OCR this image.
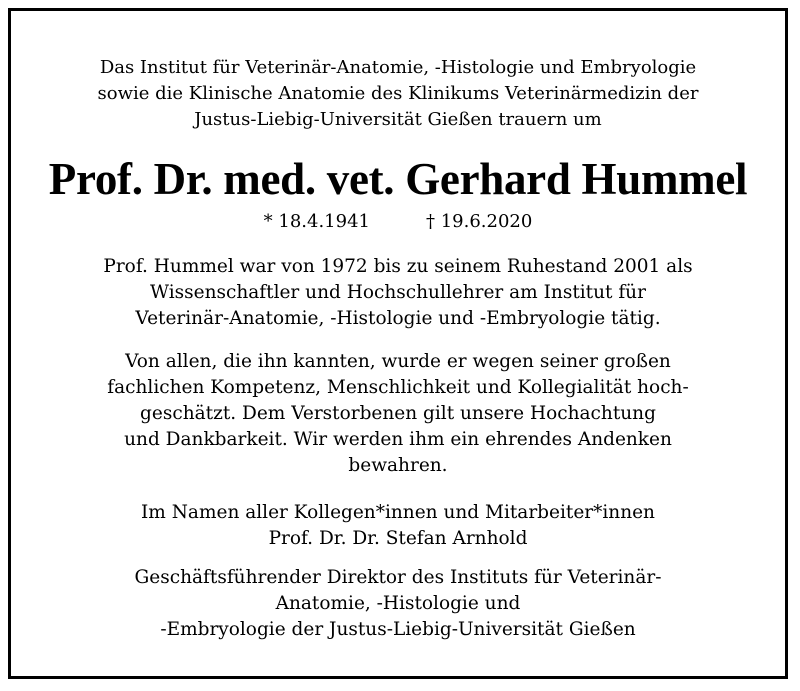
Das Institut für Veterinär-Anatomie, -Histologie und Embryologie
sowie die Klinische Anatomie des Klinikums Veterinärmedizin der
Justus-Liebig-Universität Gießen trauern um
Prof. Dr. med. vet. Gerhard Hummel
* 18.4.1941	† 19.6.2020
Prof. Hummel war von 1972 bis zu seinem Ruhestand 2001 als
Wissenschaftler und Hochschullehrer am Institut für
Veterinär-Anatomie, -Histologie und -Embryologie tätig.
Von allen, die ihn kannten, wurde er wegen seiner großen
fachlichen Kompetenz, Menschlichkeit und Kollegialität hoch-
geschätzt. Dem Verstorbenen gilt unsere Hochachtung
und Dankbarkeit. Wir werden ihm ein ehrendes Andenken
bewahren.
Im Namen aller Kollegen*innen und Mitarbeiter*innen
Prof. Dr. Dr. Stefan Arnhold
Geschäftsführender Direktor des Instituts für Veterinär-
Anatomie, -Histologie und
-Embryologie der Justus-Liebig-Universität Gießen
